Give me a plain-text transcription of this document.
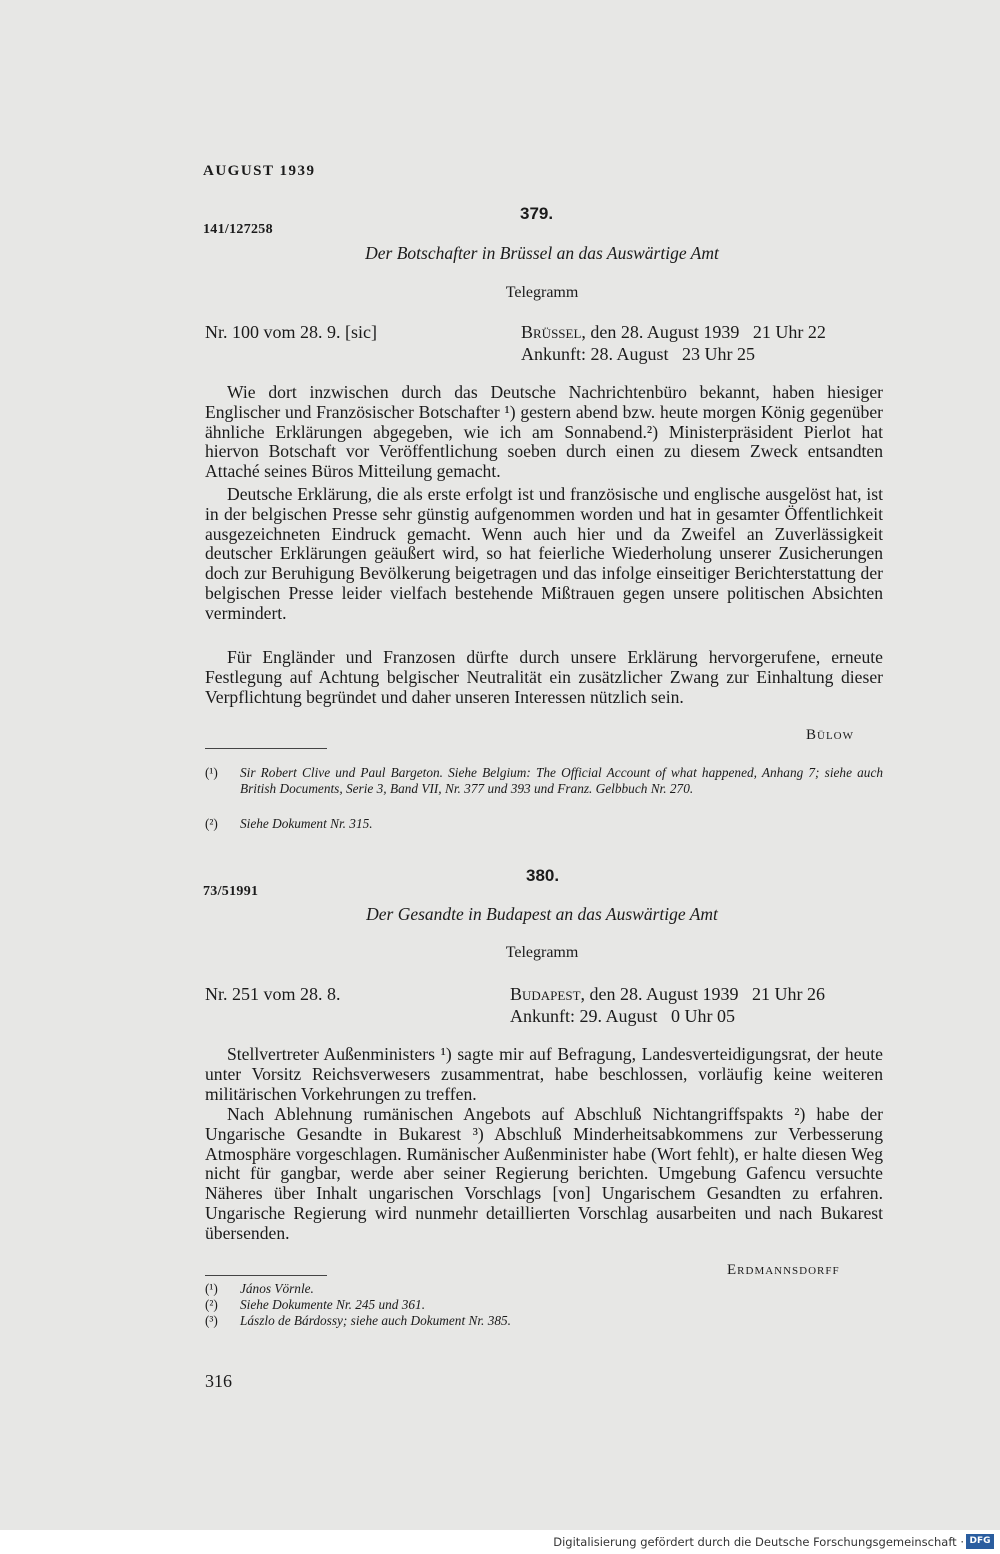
AUGUST 1939
379.
141/127258
Der Botschafter in Brüssel an das Auswärtige Amt
Telegramm
Nr. 100 vom 28. 9. [sic]	Brüssel, den 28. August 1939   21 Uhr 22
Ankunft: 28. August   23 Uhr 25

Wie dort inzwischen durch das Deutsche Nachrichtenbüro bekannt, haben hiesiger Englischer und Französischer Botschafter ¹) gestern abend bzw. heute morgen König gegenüber ähnliche Erklärungen abgegeben, wie ich am Sonnabend.²) Ministerpräsident Pierlot hat hiervon Botschaft vor Veröffentlichung soeben durch einen zu diesem Zweck entsandten Attaché seines Büros Mitteilung gemacht.

Deutsche Erklärung, die als erste erfolgt ist und französische und englische ausgelöst hat, ist in der belgischen Presse sehr günstig aufgenommen worden und hat in gesamter Öffentlichkeit ausgezeichneten Eindruck gemacht. Wenn auch hier und da Zweifel an Zuverlässigkeit deutscher Erklärungen geäußert wird, so hat feierliche Wiederholung unserer Zusicherungen doch zur Beruhigung Bevölkerung beigetragen und das infolge einseitiger Berichterstattung der belgischen Presse leider vielfach bestehende Mißtrauen gegen unsere politischen Absichten vermindert.

Für Engländer und Franzosen dürfte durch unsere Erklärung hervorgerufene, erneute Festlegung auf Achtung belgischer Neutralität ein zusätzlicher Zwang zur Einhaltung dieser Verpflichtung begründet und daher unseren Interessen nützlich sein.

Bülow
(¹) Sir Robert Clive und Paul Bargeton. Siehe Belgium: The Official Account of what happened, Anhang 7; siehe auch British Documents, Serie 3, Band VII, Nr. 377 und 393 und Franz. Gelbbuch Nr. 270.
(²) Siehe Dokument Nr. 315.
380.
73/51991
Der Gesandte in Budapest an das Auswärtige Amt
Telegramm
Nr. 251 vom 28. 8.	Budapest, den 28. August 1939   21 Uhr 26
Ankunft: 29. August   0 Uhr 05

Stellvertreter Außenministers ¹) sagte mir auf Befragung, Landesverteidigungsrat, der heute unter Vorsitz Reichsverwesers zusammentrat, habe beschlossen, vorläufig keine weiteren militärischen Vorkehrungen zu treffen.

Nach Ablehnung rumänischen Angebots auf Abschluß Nichtangriffspakts ²) habe der Ungarische Gesandte in Bukarest ³) Abschluß Minderheitsabkommens zur Verbesserung Atmosphäre vorgeschlagen. Rumänischer Außenminister habe (Wort fehlt), er halte diesen Weg nicht für gangbar, werde aber seiner Regierung berichten. Umgebung Gafencu versuchte Näheres über Inhalt ungarischen Vorschlags [von] Ungarischem Gesandten zu erfahren. Ungarische Regierung wird nunmehr detaillierten Vorschlag ausarbeiten und nach Bukarest übersenden.

Erdmannsdorff
(¹) János Vörnle.
(²) Siehe Dokumente Nr. 245 und 361.
(³) Lászlo de Bárdossy; siehe auch Dokument Nr. 385.
316
Digitalisierung gefördert durch die Deutsche Forschungsgemeinschaft · DFG
